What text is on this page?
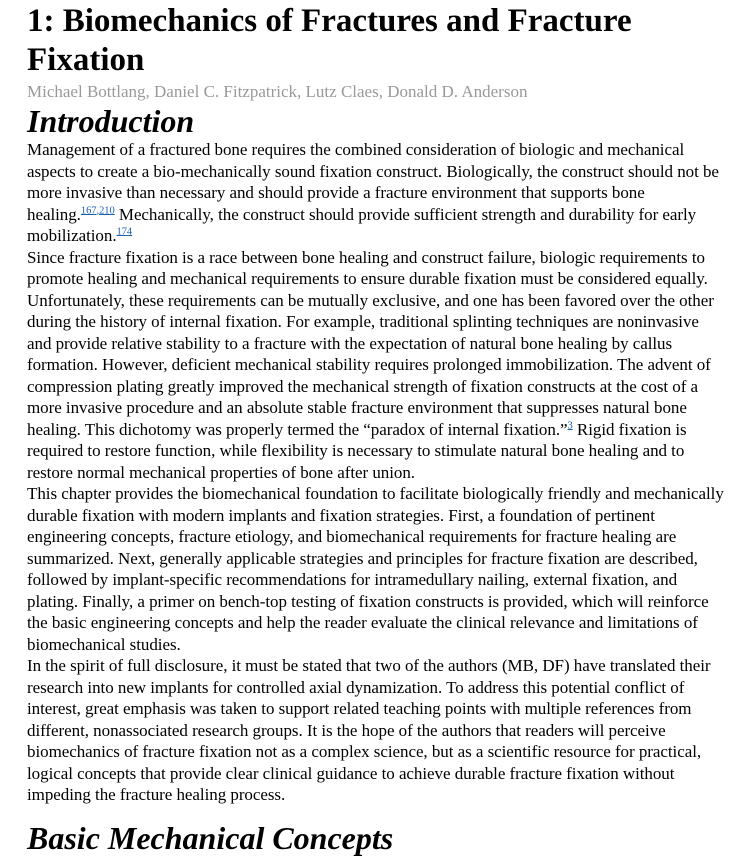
1: Biomechanics of Fractures and Fracture Fixation
Michael Bottlang, Daniel C. Fitzpatrick, Lutz Claes, Donald D. Anderson
Introduction

Management of a fractured bone requires the combined consideration of biologic and mechanical aspects to create a bio-mechanically sound fixation construct. Biologically, the construct should not be more invasive than necessary and should provide a fracture environment that supports bone healing.$^{167,210}$ Mechanically, the construct should provide sufficient strength and durability for early mobilization.$^{174}$

Since fracture fixation is a race between bone healing and construct failure, biologic requirements to promote healing and mechanical requirements to ensure durable fixation must be considered equally. Unfortunately, these requirements can be mutually exclusive, and one has been favored over the other during the history of internal fixation. For example, traditional splinting techniques are noninvasive and provide relative stability to a fracture with the expectation of natural bone healing by callus formation. However, deficient mechanical stability requires prolonged immobilization. The advent of compression plating greatly improved the mechanical strength of fixation constructs at the cost of a more invasive procedure and an absolute stable fracture environment that suppresses natural bone healing. This dichotomy was properly termed the “paradox of internal fixation.”$^3$ Rigid fixation is required to restore function, while flexibility is necessary to stimulate natural bone healing and to restore normal mechanical properties of bone after union.

This chapter provides the biomechanical foundation to facilitate biologically friendly and mechanically durable fixation with modern implants and fixation strategies. First, a foundation of pertinent engineering concepts, fracture etiology, and biomechanical requirements for fracture healing are summarized. Next, generally applicable strategies and principles for fracture fixation are described, followed by implant-specific recommendations for intramedullary nailing, external fixation, and plating. Finally, a primer on bench-top testing of fixation constructs is provided, which will reinforce the basic engineering concepts and help the reader evaluate the clinical relevance and limitations of biomechanical studies.

In the spirit of full disclosure, it must be stated that two of the authors (MB, DF) have translated their research into new implants for controlled axial dynamization. To address this potential conflict of interest, great emphasis was taken to support related teaching points with multiple references from different, nonassociated research groups. It is the hope of the authors that readers will perceive biomechanics of fracture fixation not as a complex science, but as a scientific resource for practical, logical concepts that provide clear clinical guidance to achieve durable fracture fixation without impeding the fracture healing process.

Basic Mechanical Concepts
